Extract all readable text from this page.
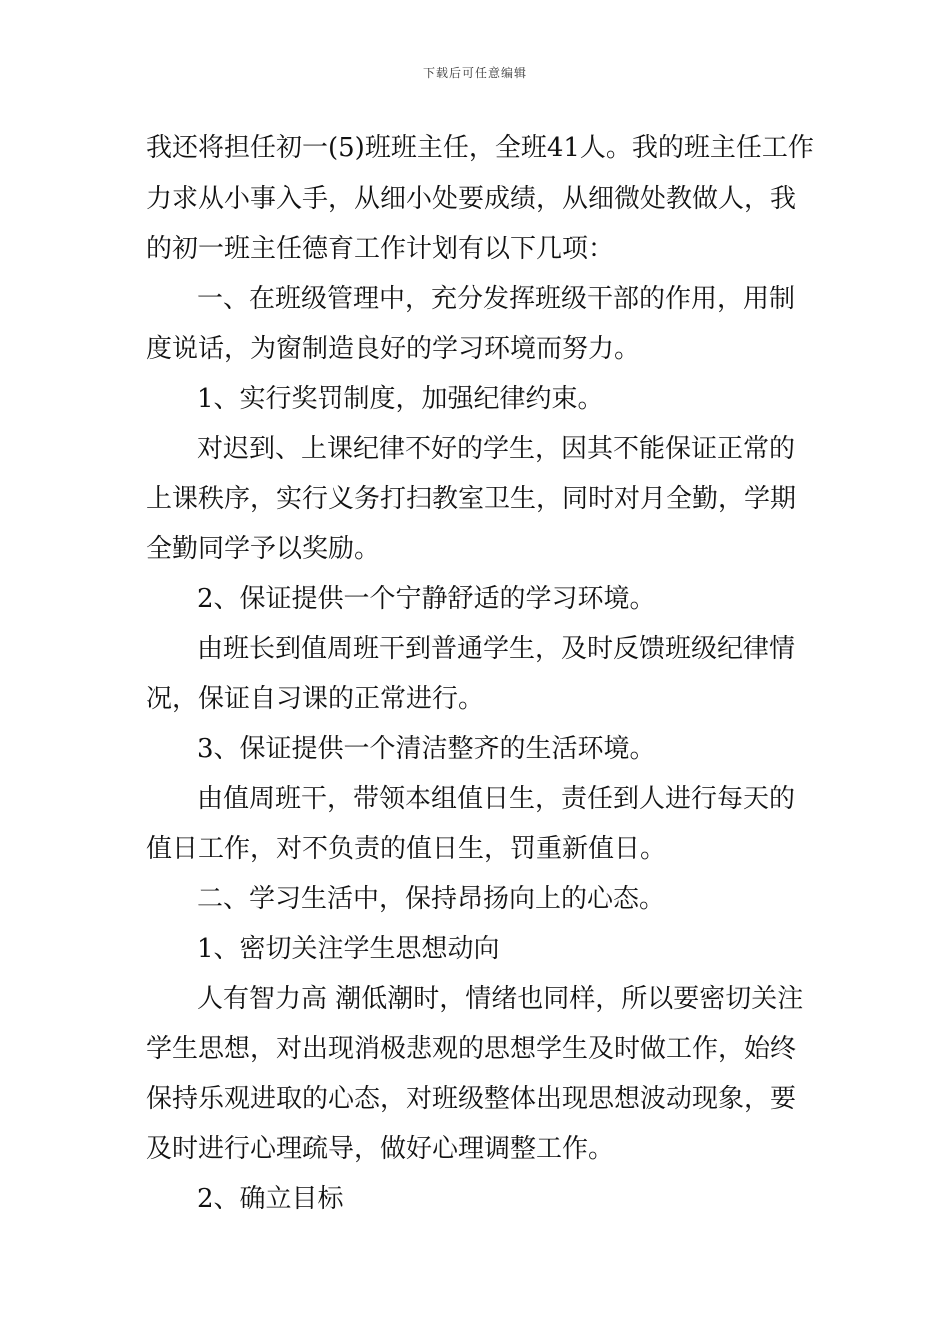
下载后可任意编辑
我还将担任初一(5)班班主任，全班41人。我的班主任工作
力求从小事入手，从细小处要成绩，从细微处教做人，我
的初一班主任德育工作计划有以下几项：
一、在班级管理中，充分发挥班级干部的作用，用制
度说话，为窗制造良好的学习环境而努力。
1、实行奖罚制度，加强纪律约束。
对迟到、上课纪律不好的学生，因其不能保证正常的
上课秩序，实行义务打扫教室卫生，同时对月全勤，学期
全勤同学予以奖励。
2、保证提供一个宁静舒适的学习环境。
由班长到值周班干到普通学生，及时反馈班级纪律情
况，保证自习课的正常进行。
3、保证提供一个清洁整齐的生活环境。
由值周班干，带领本组值日生，责任到人进行每天的
值日工作，对不负责的值日生，罚重新值日。
二、学习生活中，保持昂扬向上的心态。
1、密切关注学生思想动向
人有智力高 潮低潮时，情绪也同样，所以要密切关注
学生思想，对出现消极悲观的思想学生及时做工作，始终
保持乐观进取的心态，对班级整体出现思想波动现象，要
及时进行心理疏导，做好心理调整工作。
2、确立目标
